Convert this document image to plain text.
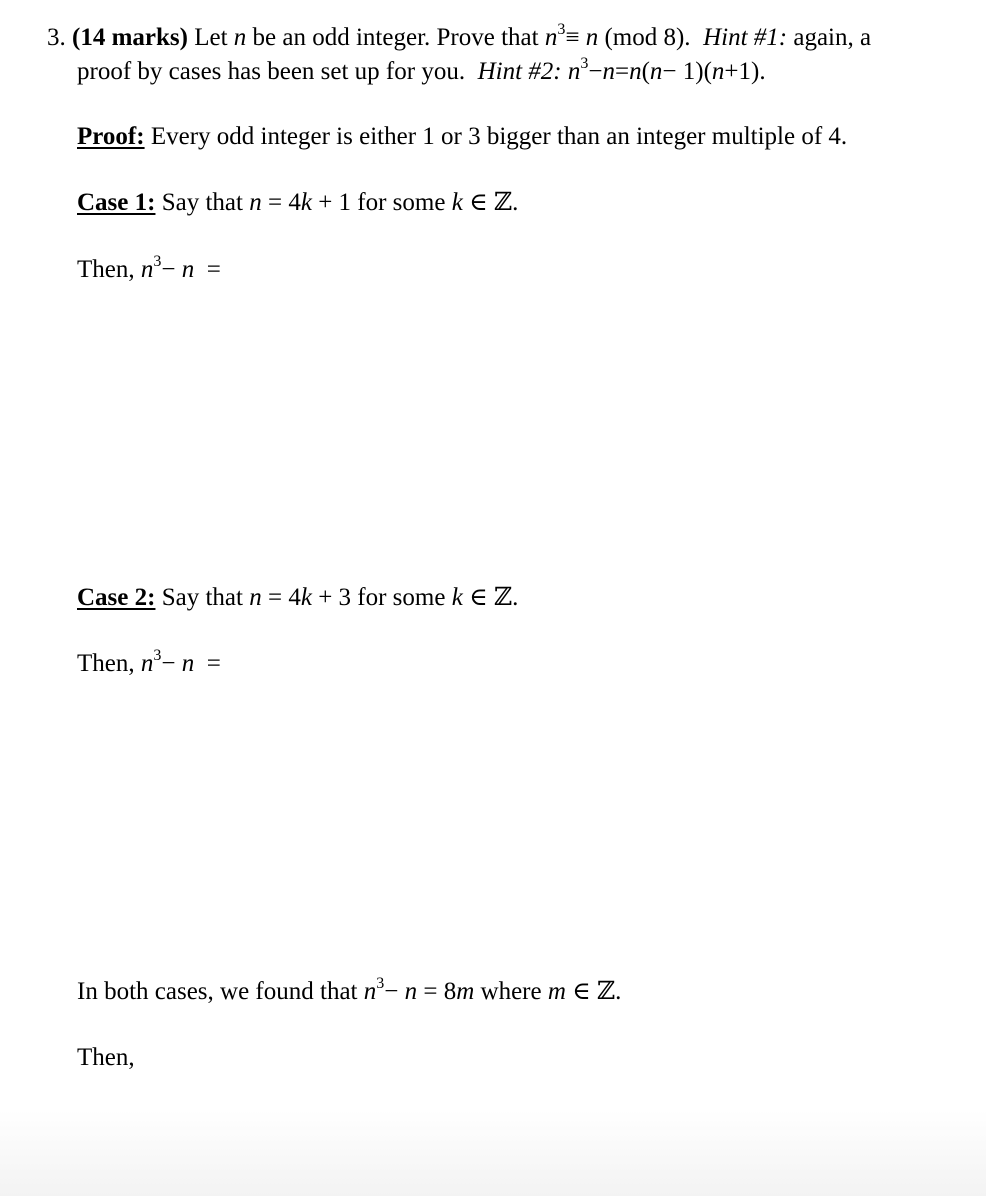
3. (14 marks) Let n be an odd integer. Prove that $n^3\equiv n$ (mod 8). Hint #1: again, a
proof by cases has been set up for you. Hint #2: $n^3-n=n(n- 1)(n+1)$.
Proof: Every odd integer is either 1 or 3 bigger than an integer multiple of 4.
Case 1: Say that n = 4k + 1 for some k ∈ ℤ.
Then, $n^3- n$ =
Case 2: Say that n = 4k + 3 for some k ∈ ℤ.
Then, $n^3- n$ =
In both cases, we found that $n^3- n = 8m$ where m ∈ ℤ.
Then,
